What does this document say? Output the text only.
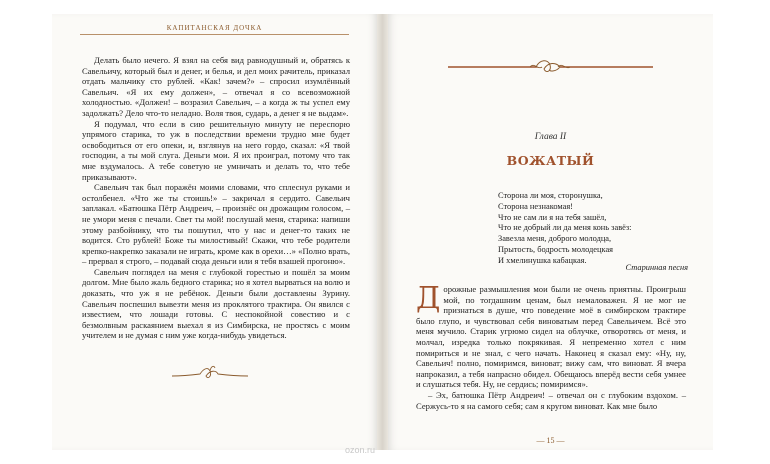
КАПИТАНСКАЯ ДОЧКА

Делать было нечего. Я взял на себя вид равнодушный и, обратясь к Савельичу, который был и денег, и белья, и дел моих рачитель, приказал отдать мальчику сто рублей. «Как! зачем?» – спросил изумлённый Савельич. «Я их ему должен», – отвечал я со всевозможной холодностью. «Должен! – возразил Савельич, – а когда ж ты успел ему задолжать? Дело что-то неладно. Воля твоя, сударь, а денег я не выдам».

Я подумал, что если в сию решительную минуту не переспорю упрямого старика, то уж в последствии времени трудно мне будет освободиться от его опеки, и, взглянув на него гордо, сказал: «Я твой господин, а ты мой слуга. Деньги мои. Я их проиграл, потому что так мне вздумалось. А тебе советую не умничать и делать то, что тебе приказывают».

Савельич так был поражён моими словами, что сплеснул руками и остолбенел. «Что же ты стоишь!» – закричал я сердито. Савельич заплакал. «Батюшка Пётр Андреич, – произнёс он дрожащим голосом, – не умори меня с печали. Свет ты мой! послушай меня, старика: напиши этому разбойнику, что ты пошутил, что у нас и денег-то таких не водится. Сто рублей! Боже ты милостивый! Скажи, что тебе родители крепко-накрепко заказали не играть, кроме как в орехи…» «Полно врать, – прервал я строго, – подавай сюда деньги или я тебя взашей прогоню».

Савельич поглядел на меня с глубокой горестью и пошёл за моим долгом. Мне было жаль бедного старика; но я хотел вырваться на волю и доказать, что уж я не ребёнок. Деньги были доставлены Зурину. Савельич поспешил вывезти меня из проклятого трактира. Он явился с известием, что лошади готовы. С неспокойной совестию и с безмолвным раскаянием выехал я из Симбирска, не простясь с моим учителем и не думая с ним уже когда-нибудь увидеться.

Глава II
ВОЖАТЫЙ
Сторона ли моя, сторонушка,
Сторона незнакомая!
Что не сам ли я на тебя зашёл,
Что не добрый ли да меня конь завёз:
Завезла меня, доброго молодца,
Прытость, бодрость молодецкая
И хмелинушка кабацкая.
Старинная песня

Дорожные размышления мои были не очень приятны. Проигрыш мой, по тогдашним ценам, был немаловажен. Я не мог не признаться в душе, что поведение моё в симбирском трактире было глупо, и чувствовал себя виноватым перед Савельичем. Всё это меня мучило. Старик угрюмо сидел на облучке, отворотясь от меня, и молчал, изредка только покрякивая. Я непременно хотел с ним помириться и не знал, с чего начать. Наконец я сказал ему: «Ну, ну, Савельич! полно, помиримся, виноват; вижу сам, что виноват. Я вчера напроказил, а тебя напрасно обидел. Обещаюсь вперёд вести себя умнее и слушаться тебя. Ну, не сердись; помиримся».

– Эх, батюшка Пётр Андреич! – отвечал он с глубоким вздохом. – Сержусь-то я на самого себя; сам я кругом виноват. Как мне было

— 15 —
ozon.ru
